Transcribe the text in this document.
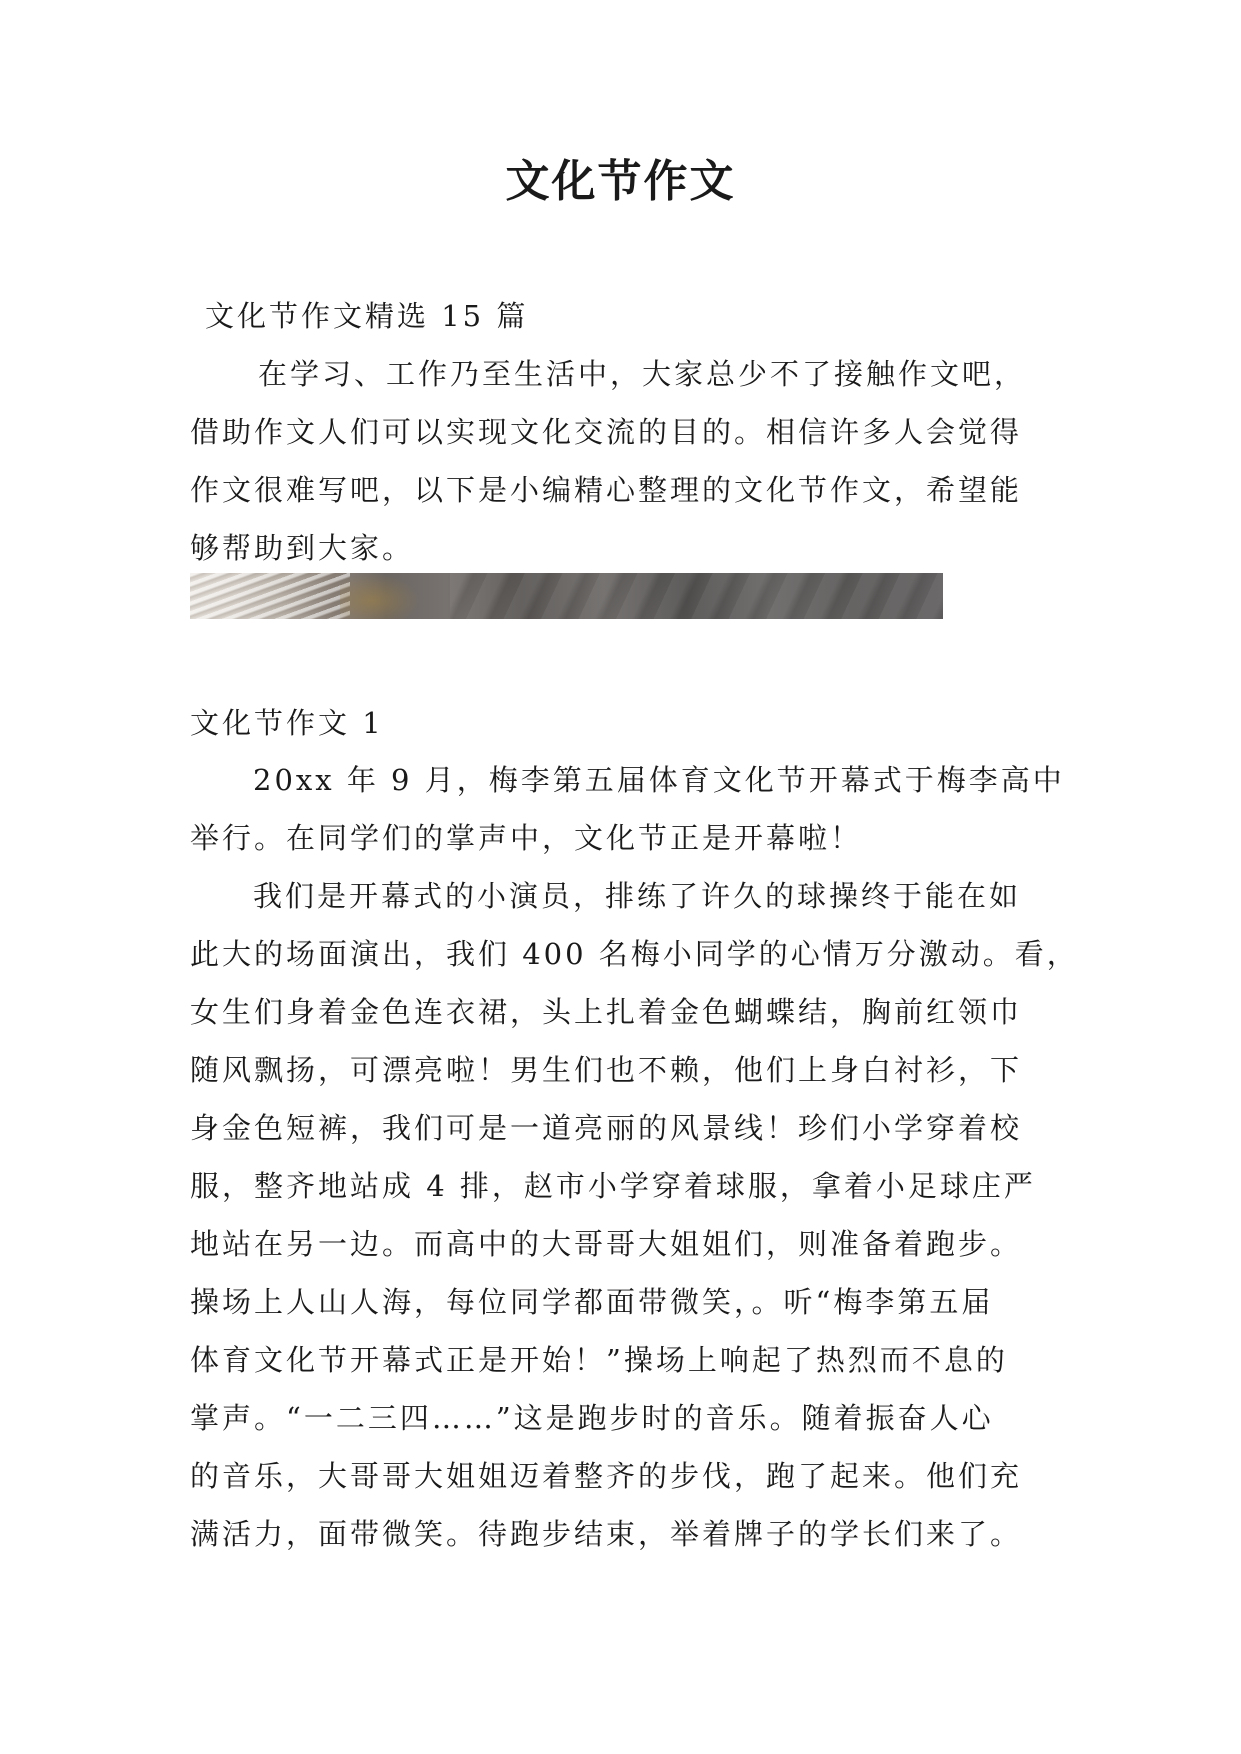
文化节作文
文化节作文精选 15 篇
在学习、工作乃至生活中，大家总少不了接触作文吧，
借助作文人们可以实现文化交流的目的。相信许多人会觉得
作文很难写吧，以下是小编精心整理的文化节作文，希望能
够帮助到大家。
文化节作文 1
20xx 年 9 月，梅李第五届体育文化节开幕式于梅李高中
举行。在同学们的掌声中，文化节正是开幕啦！
我们是开幕式的小演员，排练了许久的球操终于能在如
此大的场面演出，我们 400 名梅小同学的心情万分激动。看，
女生们身着金色连衣裙，头上扎着金色蝴蝶结，胸前红领巾
随风飘扬，可漂亮啦！男生们也不赖，他们上身白衬衫，下
身金色短裤，我们可是一道亮丽的风景线！珍们小学穿着校
服，整齐地站成 4 排，赵市小学穿着球服，拿着小足球庄严
地站在另一边。而高中的大哥哥大姐姐们，则准备着跑步。
操场上人山人海，每位同学都面带微笑，。听“梅李第五届
体育文化节开幕式正是开始！”操场上响起了热烈而不息的
掌声。“一二三四……”这是跑步时的音乐。随着振奋人心
的音乐，大哥哥大姐姐迈着整齐的步伐，跑了起来。他们充
满活力，面带微笑。待跑步结束，举着牌子的学长们来了。
